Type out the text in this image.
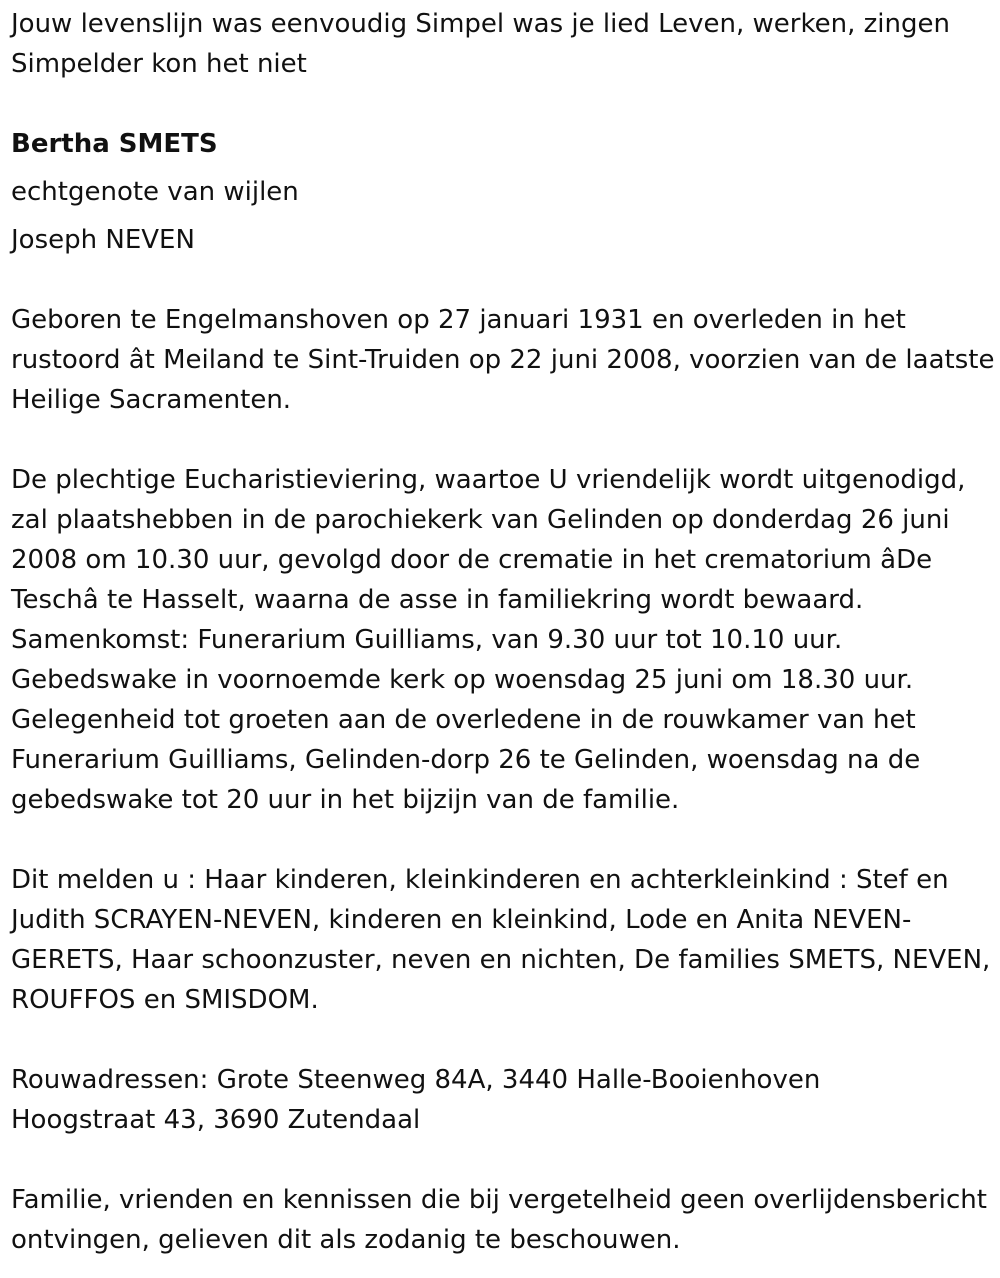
Jouw levenslijn was eenvoudig Simpel was je lied Leven, werken, zingen Simpelder kon het niet

Bertha SMETS

echtgenote van wijlen

Joseph NEVEN

Geboren te Engelmanshoven op 27 januari 1931 en overleden in het rustoord ât Meiland te Sint-Truiden op 22 juni 2008, voorzien van de laatste Heilige Sacramenten.

De plechtige Eucharistieviering, waartoe U vriendelijk wordt uitgenodigd, zal plaatshebben in de parochiekerk van Gelinden op donderdag 26 juni 2008 om 10.30 uur, gevolgd door de crematie in het crematorium âDe Teschâ te Hasselt, waarna de asse in familiekring wordt bewaard. Samenkomst: Funerarium Guilliams, van 9.30 uur tot 10.10 uur. Gebedswake in voornoemde kerk op woensdag 25 juni om 18.30 uur. Gelegenheid tot groeten aan de overledene in de rouwkamer van het Funerarium Guilliams, Gelinden-dorp 26 te Gelinden, woensdag na de gebedswake tot 20 uur in het bijzijn van de familie.

Dit melden u : Haar kinderen, kleinkinderen en achterkleinkind : Stef en Judith SCRAYEN-NEVEN, kinderen en kleinkind, Lode en Anita NEVEN-GERETS, Haar schoonzuster, neven en nichten, De families SMETS, NEVEN, ROUFFOS en SMISDOM.

Rouwadressen: Grote Steenweg 84A, 3440 Halle-Booienhoven

Hoogstraat 43, 3690 Zutendaal

Familie, vrienden en kennissen die bij vergetelheid geen overlijdensbericht ontvingen, gelieven dit als zodanig te beschouwen.
